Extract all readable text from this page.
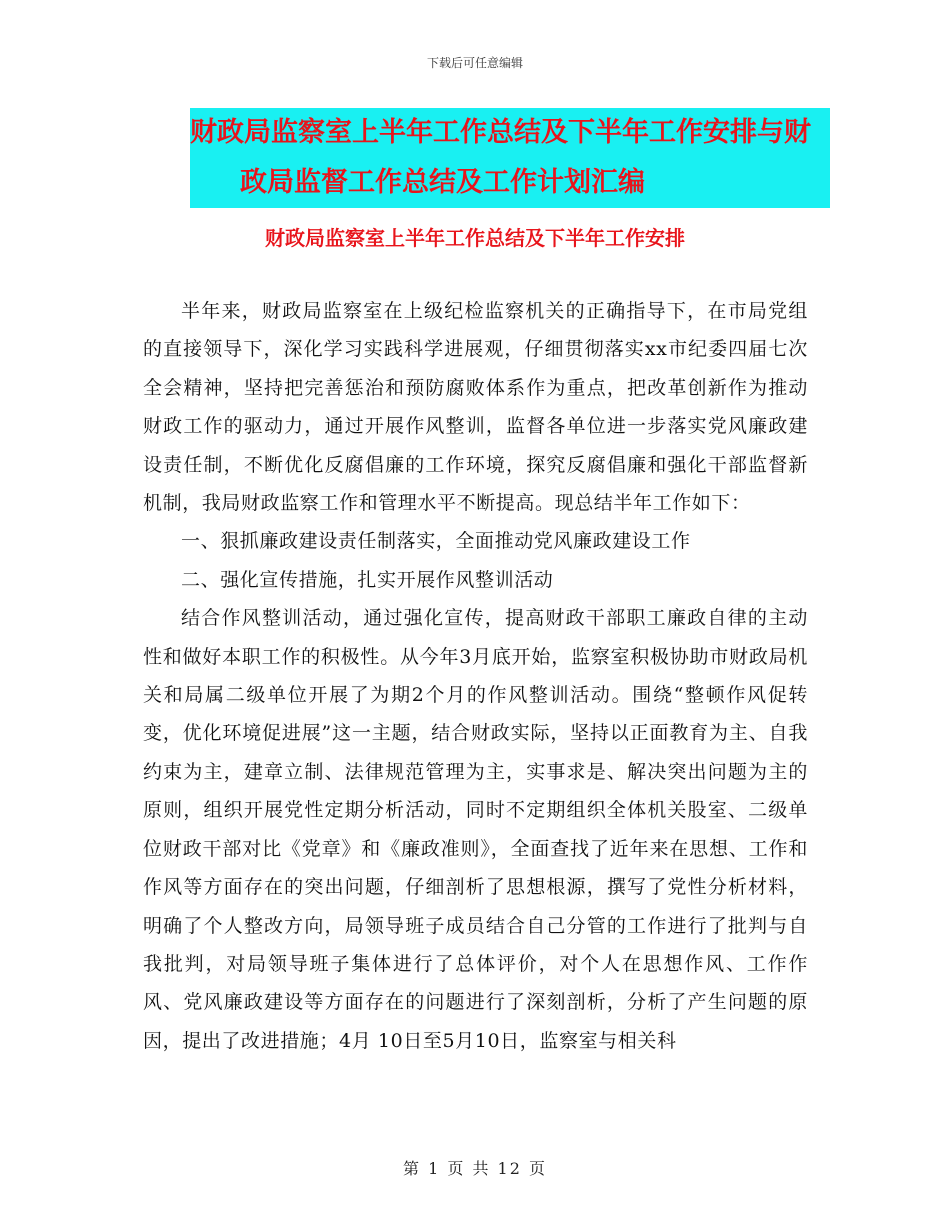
下载后可任意编辑
财政局监察室上半年工作总结及下半年工作安排与财
政局监督工作总结及工作计划汇编
财政局监察室上半年工作总结及下半年工作安排

半年来，财政局监察室在上级纪检监察机关的正确指导下，在市局党组的直接领导下，深化学习实践科学进展观，仔细贯彻落实xx市纪委四届七次全会精神，坚持把完善惩治和预防腐败体系作为重点，把改革创新作为推动财政工作的驱动力，通过开展作风整训，监督各单位进一步落实党风廉政建设责任制，不断优化反腐倡廉的工作环境，探究反腐倡廉和强化干部监督新机制，我局财政监察工作和管理水平不断提高。现总结半年工作如下：

一、狠抓廉政建设责任制落实，全面推动党风廉政建设工作

二、强化宣传措施，扎实开展作风整训活动

结合作风整训活动，通过强化宣传，提高财政干部职工廉政自律的主动性和做好本职工作的积极性。从今年3月底开始，监察室积极协助市财政局机关和局属二级单位开展了为期2个月的作风整训活动。围绕“整顿作风促转变，优化环境促进展”这一主题，结合财政实际，坚持以正面教育为主、自我约束为主，建章立制、法律规范管理为主，实事求是、解决突出问题为主的原则，组织开展党性定期分析活动，同时不定期组织全体机关股室、二级单位财政干部对比《党章》和《廉政准则》，全面查找了近年来在思想、工作和作风等方面存在的突出问题，仔细剖析了思想根源，撰写了党性分析材料，明确了个人整改方向，局领导班子成员结合自己分管的工作进行了批判与自我批判，对局领导班子集体进行了总体评价，对个人在思想作风、工作作风、党风廉政建设等方面存在的问题进行了深刻剖析，分析了产生问题的原因，提出了改进措施；4月 10日至5月10日，监察室与相关科

第 1 页 共 12 页
